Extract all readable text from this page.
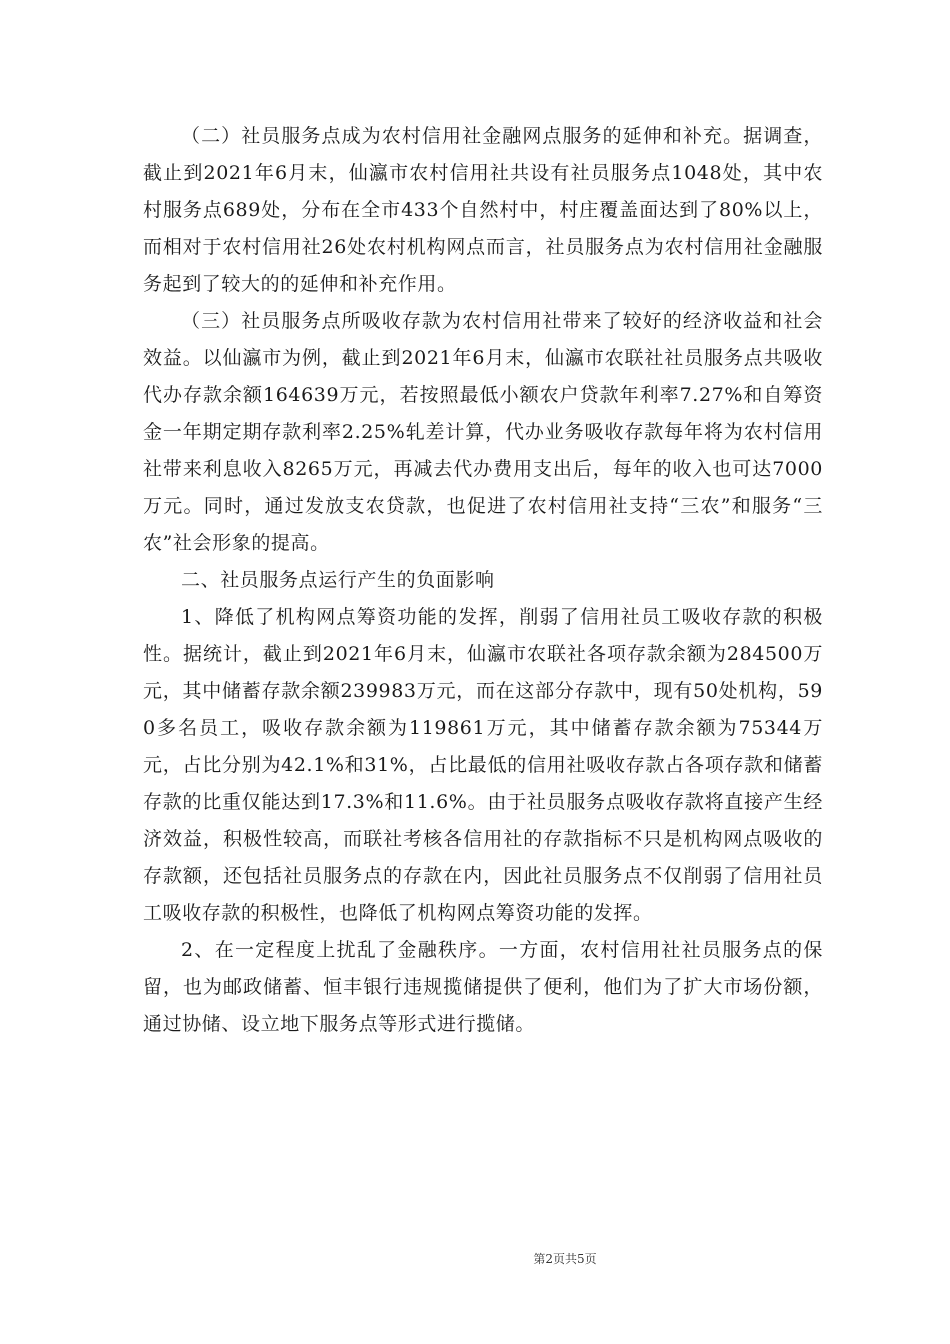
（二）社员服务点成为农村信用社金融网点服务的延伸和补充。据调查，截止到2021年6月末，仙瀛市农村信用社共设有社员服务点1048处，其中农村服务点689处，分布在全市433个自然村中，村庄覆盖面达到了80%以上，而相对于农村信用社26处农村机构网点而言，社员服务点为农村信用社金融服务起到了较大的的延伸和补充作用。

（三）社员服务点所吸收存款为农村信用社带来了较好的经济收益和社会效益。以仙瀛市为例，截止到2021年6月末，仙瀛市农联社社员服务点共吸收代办存款余额164639万元，若按照最低小额农户贷款年利率7.27%和自筹资金一年期定期存款利率2.25%轧差计算，代办业务吸收存款每年将为农村信用社带来利息收入8265万元，再减去代办费用支出后，每年的收入也可达7000万元。同时，通过发放支农贷款，也促进了农村信用社支持“三农”和服务“三农”社会形象的提高。

二、社员服务点运行产生的负面影响

1、降低了机构网点筹资功能的发挥，削弱了信用社员工吸收存款的积极性。据统计，截止到2021年6月末，仙瀛市农联社各项存款余额为284500万元，其中储蓄存款余额239983万元，而在这部分存款中，现有50处机构，590多名员工，吸收存款余额为119861万元，其中储蓄存款余额为75344万元，占比分别为42.1%和31%，占比最低的信用社吸收存款占各项存款和储蓄存款的比重仅能达到17.3%和11.6%。由于社员服务点吸收存款将直接产生经济效益，积极性较高，而联社考核各信用社的存款指标不只是机构网点吸收的存款额，还包括社员服务点的存款在内，因此社员服务点不仅削弱了信用社员工吸收存款的积极性，也降低了机构网点筹资功能的发挥。

2、在一定程度上扰乱了金融秩序。一方面，农村信用社社员服务点的保留，也为邮政储蓄、恒丰银行违规揽储提供了便利，他们为了扩大市场份额，通过协储、设立地下服务点等形式进行揽储。

第2页共5页
